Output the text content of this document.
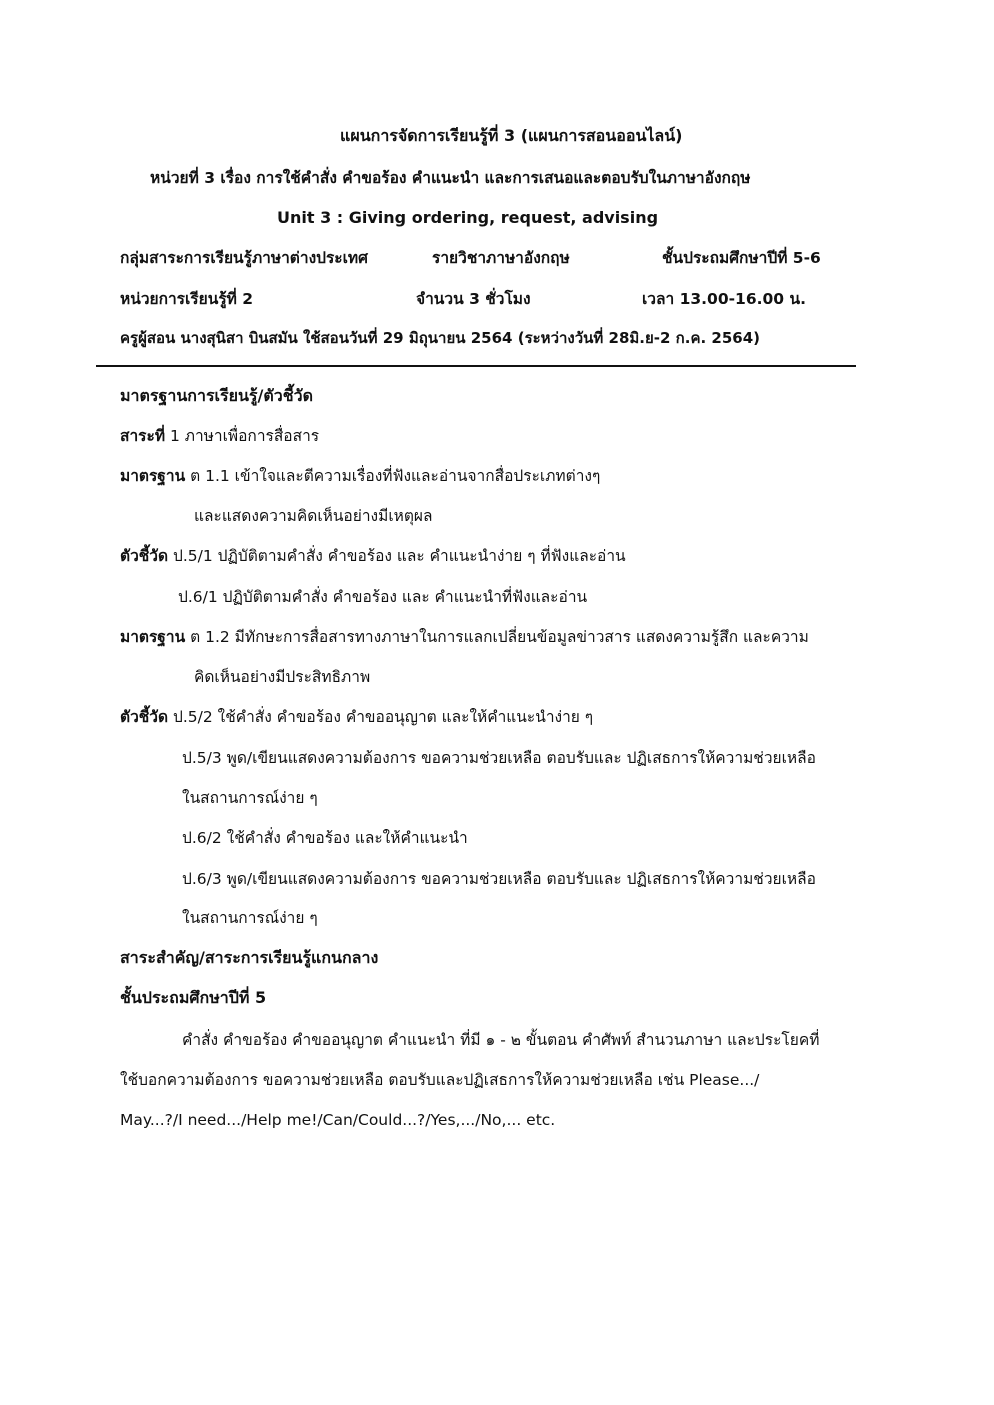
แผนการจัดการเรียนรู้ที่ 3 (แผนการสอนออนไลน์)
หน่วยที่ 3 เรื่อง การใช้คำสั่ง คำขอร้อง คำแนะนำ และการเสนอและตอบรับในภาษาอังกฤษ
Unit 3 : Giving ordering, request, advising
กลุ่มสาระการเรียนรู้ภาษาต่างประเทศ	รายวิชาภาษาอังกฤษ	ชั้นประถมศึกษาปีที่ 5-6
หน่วยการเรียนรู้ที่ 2	จำนวน 3 ชั่วโมง	เวลา 13.00-16.00 น.
ครูผู้สอน นางสุนิสา บินสมัน ใช้สอนวันที่ 29 มิถุนายน 2564 (ระหว่างวันที่ 28มิ.ย-2 ก.ค. 2564)
มาตรฐานการเรียนรู้/ตัวชี้วัด
สาระที่ 1 ภาษาเพื่อการสื่อสาร
มาตรฐาน ต 1.1 เข้าใจและตีความเรื่องที่ฟังและอ่านจากสื่อประเภทต่างๆ
และแสดงความคิดเห็นอย่างมีเหตุผล
ตัวชี้วัด ป.5/1 ปฏิบัติตามคำสั่ง คำขอร้อง และ คำแนะนำง่าย ๆ ที่ฟังและอ่าน
ป.6/1 ปฏิบัติตามคำสั่ง คำขอร้อง และ คำแนะนำที่ฟังและอ่าน
มาตรฐาน ต 1.2 มีทักษะการสื่อสารทางภาษาในการแลกเปลี่ยนข้อมูลข่าวสาร แสดงความรู้สึก และความ
คิดเห็นอย่างมีประสิทธิภาพ
ตัวชี้วัด ป.5/2 ใช้คำสั่ง คำขอร้อง คำขออนุญาต และให้คำแนะนำง่าย ๆ
ป.5/3 พูด/เขียนแสดงความต้องการ ขอความช่วยเหลือ ตอบรับและ ปฏิเสธการให้ความช่วยเหลือ
ในสถานการณ์ง่าย ๆ
ป.6/2 ใช้คำสั่ง คำขอร้อง และให้คำแนะนำ
ป.6/3 พูด/เขียนแสดงความต้องการ ขอความช่วยเหลือ ตอบรับและ ปฏิเสธการให้ความช่วยเหลือ
ในสถานการณ์ง่าย ๆ
สาระสำคัญ/สาระการเรียนรู้แกนกลาง
ชั้นประถมศึกษาปีที่ 5
คำสั่ง คำขอร้อง คำขออนุญาต คำแนะนำ ที่มี ๑ - ๒ ขั้นตอน คำศัพท์ สำนวนภาษา และประโยคที่
ใช้บอกความต้องการ ขอความช่วยเหลือ ตอบรับและปฏิเสธการให้ความช่วยเหลือ เช่น Please.../
May...?/I need.../Help me!/Can/Could...?/Yes,.../No,... etc.
